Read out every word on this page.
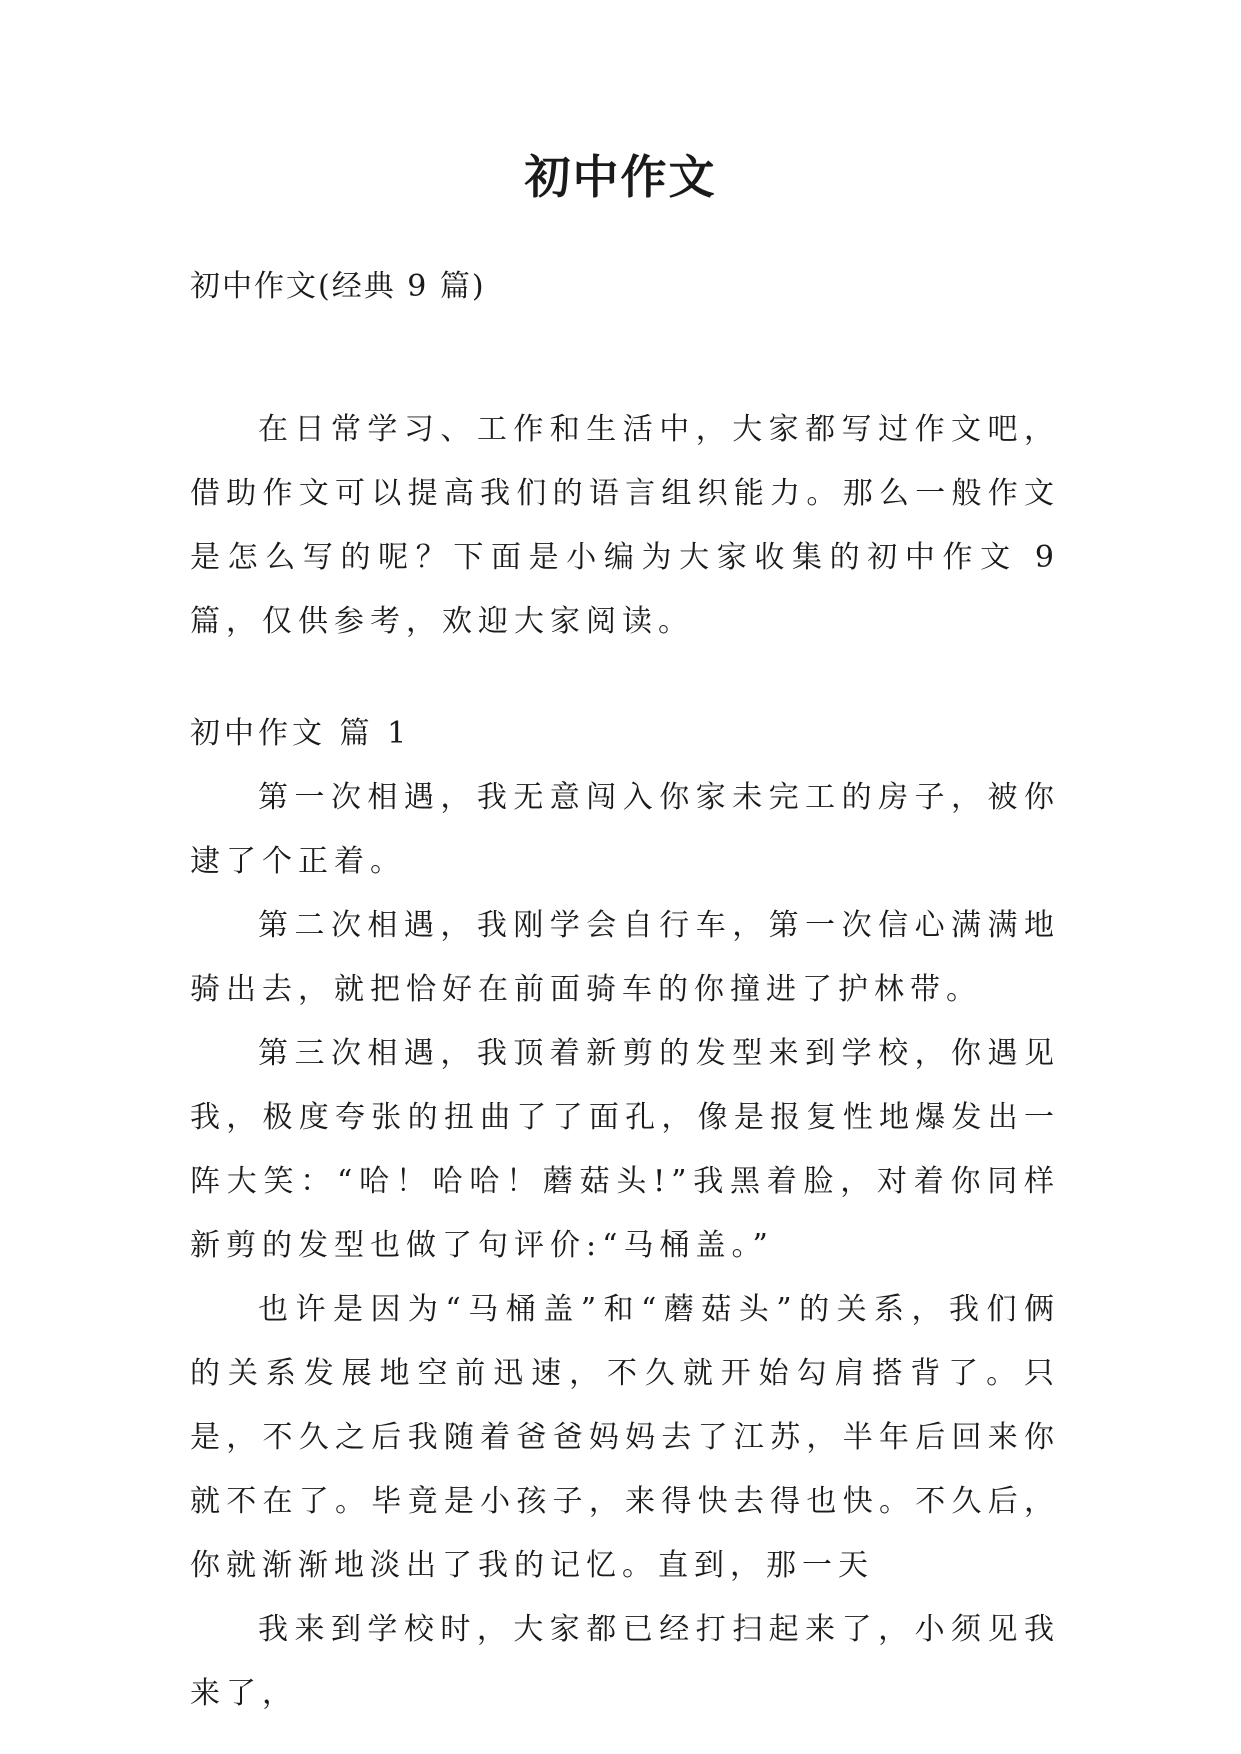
初中作文
初中作文(经典 9 篇)

在日常学习、工作和生活中，大家都写过作文吧，借助作文可以提高我们的语言组织能力。那么一般作文是怎么写的呢？下面是小编为大家收集的初中作文 9 篇，仅供参考，欢迎大家阅读。

初中作文 篇 1

第一次相遇，我无意闯入你家未完工的房子，被你逮了个正着。

第二次相遇，我刚学会自行车，第一次信心满满地骑出去，就把恰好在前面骑车的你撞进了护林带。

第三次相遇，我顶着新剪的发型来到学校，你遇见我，极度夸张的扭曲了了面孔，像是报复性地爆发出一阵大笑：“哈！哈哈！蘑菇头!”我黑着脸，对着你同样新剪的发型也做了句评价:“马桶盖。”

也许是因为“马桶盖”和“蘑菇头”的关系，我们俩的关系发展地空前迅速，不久就开始勾肩搭背了。只是，不久之后我随着爸爸妈妈去了江苏，半年后回来你就不在了。毕竟是小孩子，来得快去得也快。不久后，你就渐渐地淡出了我的记忆。直到，那一天

我来到学校时，大家都已经打扫起来了，小须见我来了，
